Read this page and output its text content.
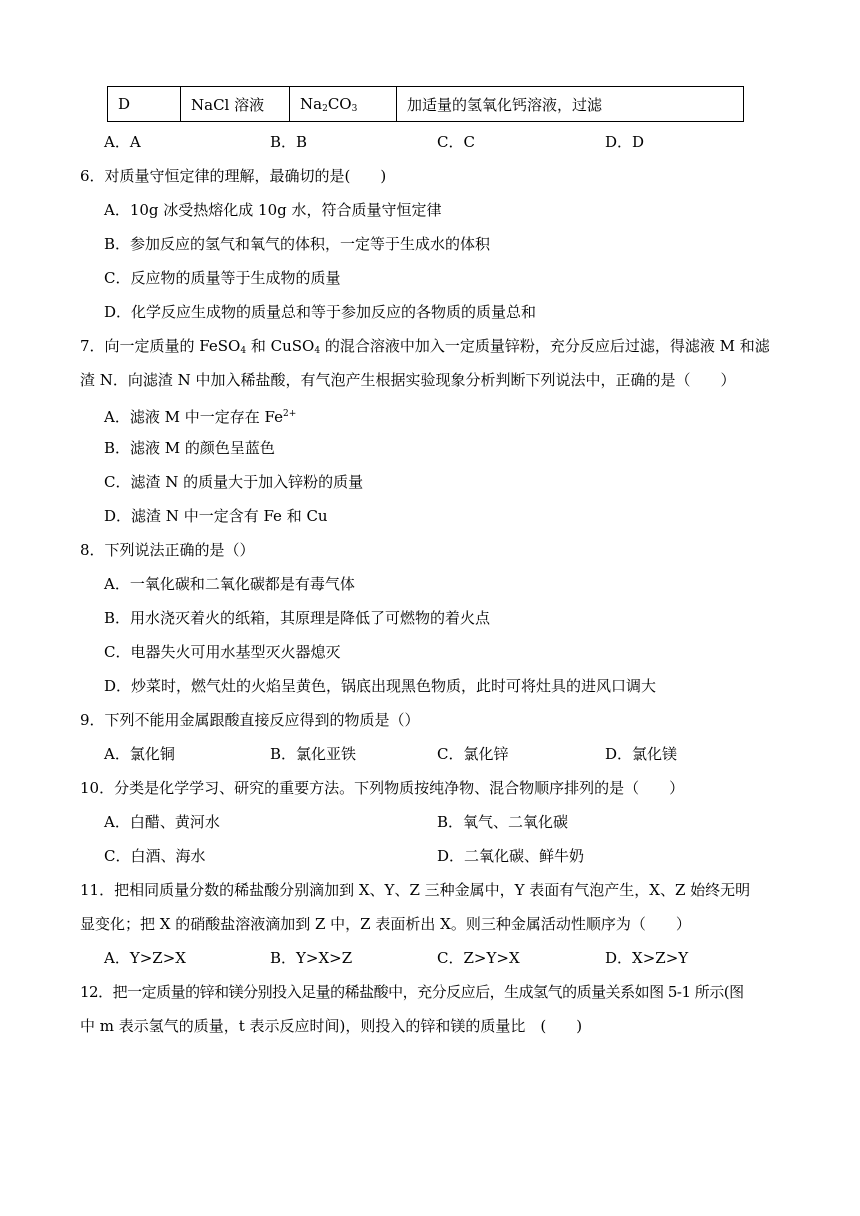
D	NaCl 溶液	$Na_2CO_3$	加适量的氢氧化钙溶液，过滤
A．A	B．B	C．C	D．D
6．对质量守恒定律的理解，最确切的是(　　)
A．10g 冰受热熔化成 10g 水，符合质量守恒定律
B．参加反应的氢气和氧气的体积，一定等于生成水的体积
C．反应物的质量等于生成物的质量
D．化学反应生成物的质量总和等于参加反应的各物质的质量总和
7．向一定质量的 FeSO$_4$ 和 CuSO$_4$ 的混合溶液中加入一定质量锌粉，充分反应后过滤，得滤液 M 和滤
渣 N．向滤渣 N 中加入稀盐酸，有气泡产生根据实验现象分析判断下列说法中，正确的是（　　）
A．滤液 M 中一定存在 $Fe^{2+}$
B．滤液 M 的颜色呈蓝色
C．滤渣 N 的质量大于加入锌粉的质量
D．滤渣 N 中一定含有 Fe 和 Cu
8．下列说法正确的是（）
A．一氧化碳和二氧化碳都是有毒气体
B．用水浇灭着火的纸箱，其原理是降低了可燃物的着火点
C．电器失火可用水基型灭火器熄灭
D．炒菜时，燃气灶的火焰呈黄色，锅底出现黑色物质，此时可将灶具的进风口调大
9．下列不能用金属跟酸直接反应得到的物质是（）
A．氯化铜	B．氯化亚铁	C．氯化锌	D．氯化镁
10．分类是化学学习、研究的重要方法。下列物质按纯净物、混合物顺序排列的是（　　）
A．白醋、黄河水	B．氧气、二氧化碳
C．白酒、海水	D．二氧化碳、鲜牛奶
11．把相同质量分数的稀盐酸分别滴加到 X、Y、Z 三种金属中，Y 表面有气泡产生，X、Z 始终无明
显变化；把 X 的硝酸盐溶液滴加到 Z 中，Z 表面析出 X。则三种金属活动性顺序为（　　）
A．Y>Z>X	B．Y>X>Z	C．Z>Y>X	D．X>Z>Y
12．把一定质量的锌和镁分别投入足量的稀盐酸中，充分反应后，生成氢气的质量关系如图 5-1 所示(图
中 m 表示氢气的质量，t 表示反应时间)，则投入的锌和镁的质量比　(　　)
